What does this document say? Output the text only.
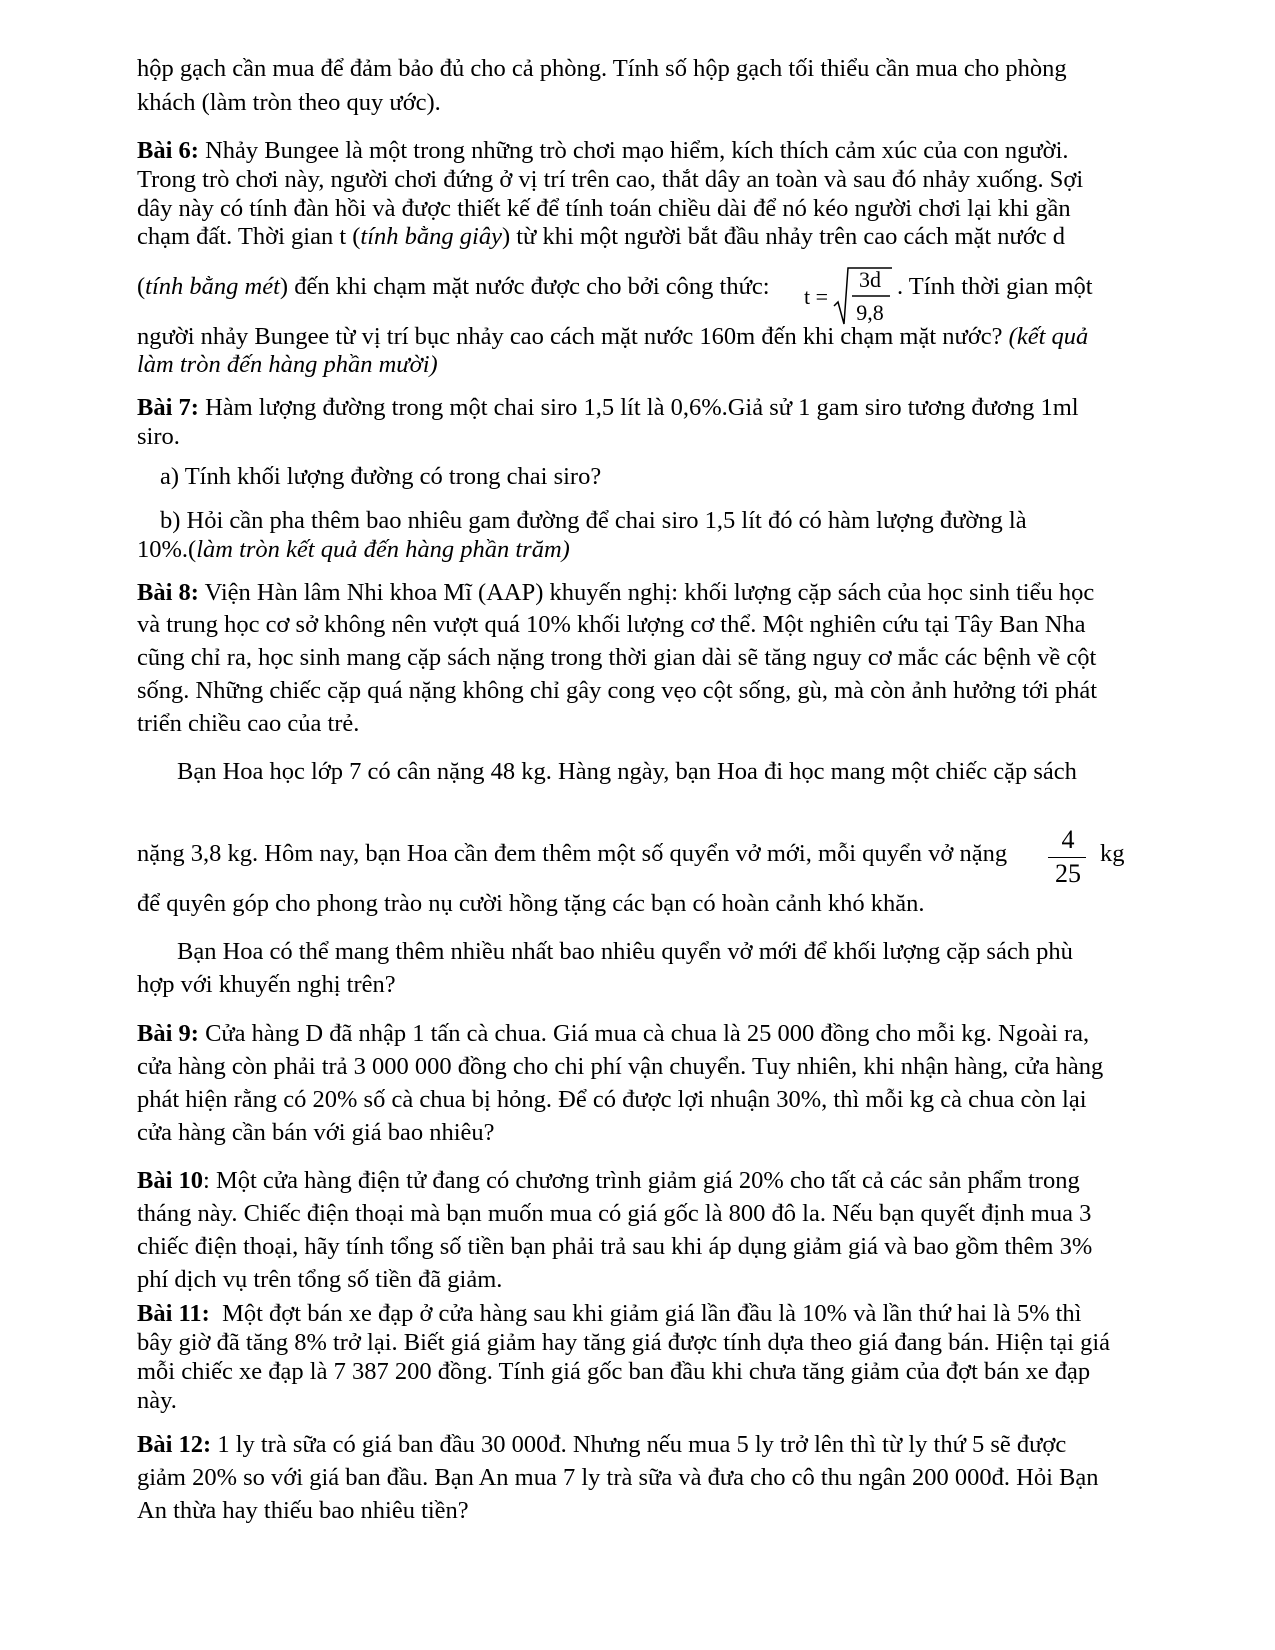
hộp gạch cần mua để đảm bảo đủ cho cả phòng. Tính số hộp gạch tối thiểu cần mua cho phòng
khách (làm tròn theo quy ước).
Bài 6: Nhảy Bungee là một trong những trò chơi mạo hiểm, kích thích cảm xúc của con người.
Trong trò chơi này, người chơi đứng ở vị trí trên cao, thắt dây an toàn và sau đó nhảy xuống. Sợi
dây này có tính đàn hồi và được thiết kế để tính toán chiều dài để nó kéo người chơi lại khi gần
chạm đất. Thời gian t (tính bằng giây) từ khi một người bắt đầu nhảy trên cao cách mặt nước d
(tính bằng mét) đến khi chạm mặt nước được cho bởi công thức: t =
3d
9,8
. Tính thời gian một
người nhảy Bungee từ vị trí bục nhảy cao cách mặt nước 160m đến khi chạm mặt nước? (kết quả
làm tròn đến hàng phần mười)
Bài 7: Hàm lượng đường trong một chai siro 1,5 lít là 0,6%.Giả sử 1 gam siro tương đương 1ml
siro.
a) Tính khối lượng đường có trong chai siro?
b) Hỏi cần pha thêm bao nhiêu gam đường để chai siro 1,5 lít đó có hàm lượng đường là
10%.(làm tròn kết quả đến hàng phần trăm)
Bài 8: Viện Hàn lâm Nhi khoa Mĩ (AAP) khuyến nghị: khối lượng cặp sách của học sinh tiểu học
và trung học cơ sở không nên vượt quá 10% khối lượng cơ thể. Một nghiên cứu tại Tây Ban Nha
cũng chỉ ra, học sinh mang cặp sách nặng trong thời gian dài sẽ tăng nguy cơ mắc các bệnh về cột
sống. Những chiếc cặp quá nặng không chỉ gây cong vẹo cột sống, gù, mà còn ảnh hưởng tới phát
triển chiều cao của trẻ.
Bạn Hoa học lớp 7 có cân nặng 48 kg. Hàng ngày, bạn Hoa đi học mang một chiếc cặp sách
nặng 3,8 kg. Hôm nay, bạn Hoa cần đem thêm một số quyển vở mới, mỗi quyển vở nặng	4
25
kg
để quyên góp cho phong trào nụ cười hồng tặng các bạn có hoàn cảnh khó khăn.
Bạn Hoa có thể mang thêm nhiều nhất bao nhiêu quyển vở mới để khối lượng cặp sách phù
hợp với khuyến nghị trên?
Bài 9: Cửa hàng D đã nhập 1 tấn cà chua. Giá mua cà chua là 25 000 đồng cho mỗi kg. Ngoài ra,
cửa hàng còn phải trả 3 000 000 đồng cho chi phí vận chuyển. Tuy nhiên, khi nhận hàng, cửa hàng
phát hiện rằng có 20% số cà chua bị hỏng. Để có được lợi nhuận 30%, thì mỗi kg cà chua còn lại
cửa hàng cần bán với giá bao nhiêu?
Bài 10: Một cửa hàng điện tử đang có chương trình giảm giá 20% cho tất cả các sản phẩm trong
tháng này. Chiếc điện thoại mà bạn muốn mua có giá gốc là 800 đô la. Nếu bạn quyết định mua 3
chiếc điện thoại, hãy tính tổng số tiền bạn phải trả sau khi áp dụng giảm giá và bao gồm thêm 3%
phí dịch vụ trên tổng số tiền đã giảm.
Bài 11:  Một đợt bán xe đạp ở cửa hàng sau khi giảm giá lần đầu là 10% và lần thứ hai là 5% thì
bây giờ đã tăng 8% trở lại. Biết giá giảm hay tăng giá được tính dựa theo giá đang bán. Hiện tại giá
mỗi chiếc xe đạp là 7 387 200 đồng. Tính giá gốc ban đầu khi chưa tăng giảm của đợt bán xe đạp
này.
Bài 12: 1 ly trà sữa có giá ban đầu 30 000đ. Nhưng nếu mua 5 ly trở lên thì từ ly thứ 5 sẽ được
giảm 20% so với giá ban đầu. Bạn An mua 7 ly trà sữa và đưa cho cô thu ngân 200 000đ. Hỏi Bạn
An thừa hay thiếu bao nhiêu tiền?
